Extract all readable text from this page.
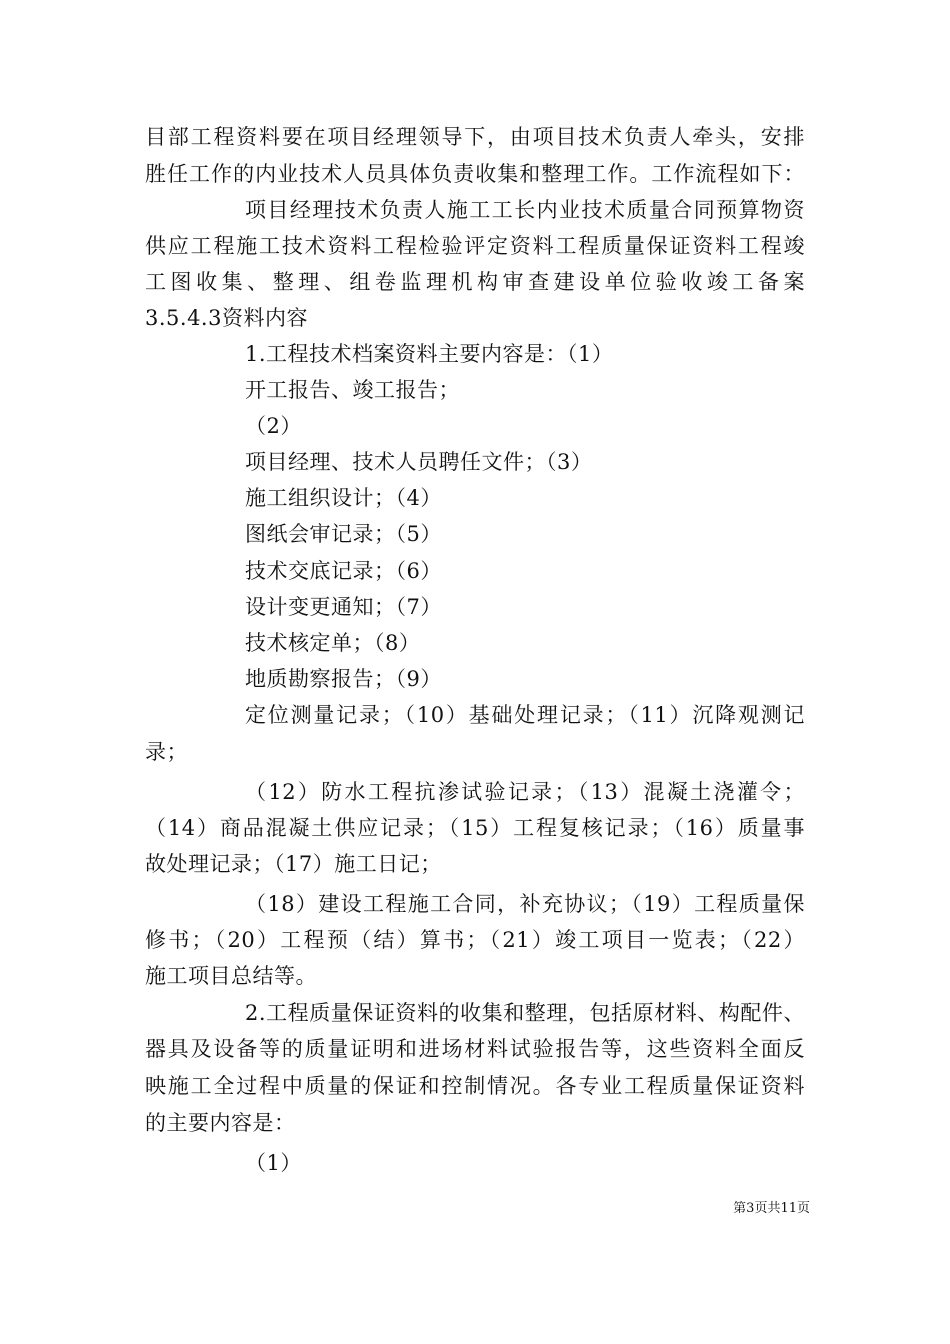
目部工程资料要在项目经理领导下，由项目技术负责人牵头，安排
胜任工作的内业技术人员具体负责收集和整理工作。工作流程如下：
项目经理技术负责人施工工长内业技术质量合同预算物资
供应工程施工技术资料工程检验评定资料工程质量保证资料工程竣
工图收集、整理、组卷监理机构审查建设单位验收竣工备案
3.5.4.3资料内容
1.工程技术档案资料主要内容是：（1）
开工报告、竣工报告；
（2）
项目经理、技术人员聘任文件；（3）
施工组织设计；（4）
图纸会审记录；（5）
技术交底记录；（6）
设计变更通知；（7）
技术核定单；（8）
地质勘察报告；（9）
定位测量记录；（10）基础处理记录；（11）沉降观测记
录；
（12）防水工程抗渗试验记录；（13）混凝土浇灌令；
（14）商品混凝土供应记录；（15）工程复核记录；（16）质量事
故处理记录；（17）施工日记；
（18）建设工程施工合同，补充协议；（19）工程质量保
修书；（20）工程预（结）算书；（21）竣工项目一览表；（22）
施工项目总结等。
2.工程质量保证资料的收集和整理，包括原材料、构配件、
器具及设备等的质量证明和进场材料试验报告等，这些资料全面反
映施工全过程中质量的保证和控制情况。各专业工程质量保证资料
的主要内容是：
（1）
第3页共11页
